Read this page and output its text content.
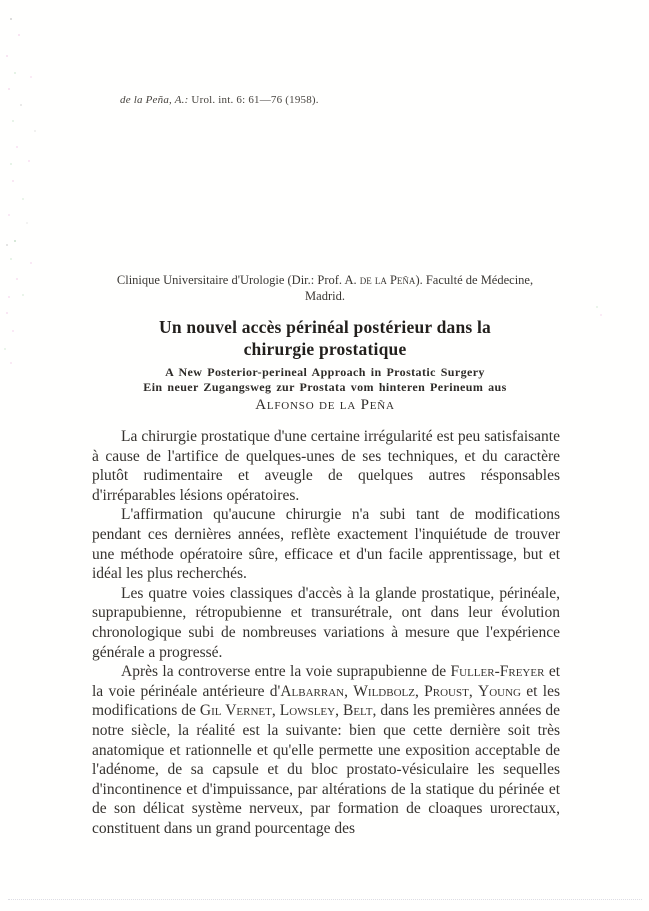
de la Peña, A.: Urol. int. 6: 61—76 (1958).
Clinique Universitaire d'Urologie (Dir.: Prof. A. de la Peña). Faculté de Médecine,
Madrid.
Un nouvel accès périnéal postérieur dans la
chirurgie prostatique
A New Posterior-perineal Approach in Prostatic Surgery
Ein neuer Zugangsweg zur Prostata vom hinteren Perineum aus
Alfonso de la Peña

La chirurgie prostatique d'une certaine irrégularité est peu satisfaisante à cause de l'artifice de quelques-unes de ses techniques, et du caractère plutôt rudimentaire et aveugle de quelques autres résponsables d'irréparables lésions opératoires.

L'affirmation qu'aucune chirurgie n'a subi tant de modifications pendant ces dernières années, reflète exactement l'inquiétude de trouver une méthode opératoire sûre, efficace et d'un facile apprentissage, but et idéal les plus recherchés.

Les quatre voies classiques d'accès à la glande prostatique, périnéale, suprapubienne, rétropubienne et transurétrale, ont dans leur évolution chronologique subi de nombreuses variations à mesure que l'expérience générale a progressé.

Après la controverse entre la voie suprapubienne de Fuller-Freyer et la voie périnéale antérieure d'Albarran, Wildbolz, Proust, Young et les modifications de Gil Vernet, Lowsley, Belt, dans les premières années de notre siècle, la réalité est la suivante: bien que cette dernière soit très anatomique et rationnelle et qu'elle permette une exposition acceptable de l'adénome, de sa capsule et du bloc prostato-vésiculaire les sequelles d'incontinence et d'impuissance, par altérations de la statique du périnée et de son délicat système nerveux, par formation de cloaques urorectaux, constituent dans un grand pourcentage des
